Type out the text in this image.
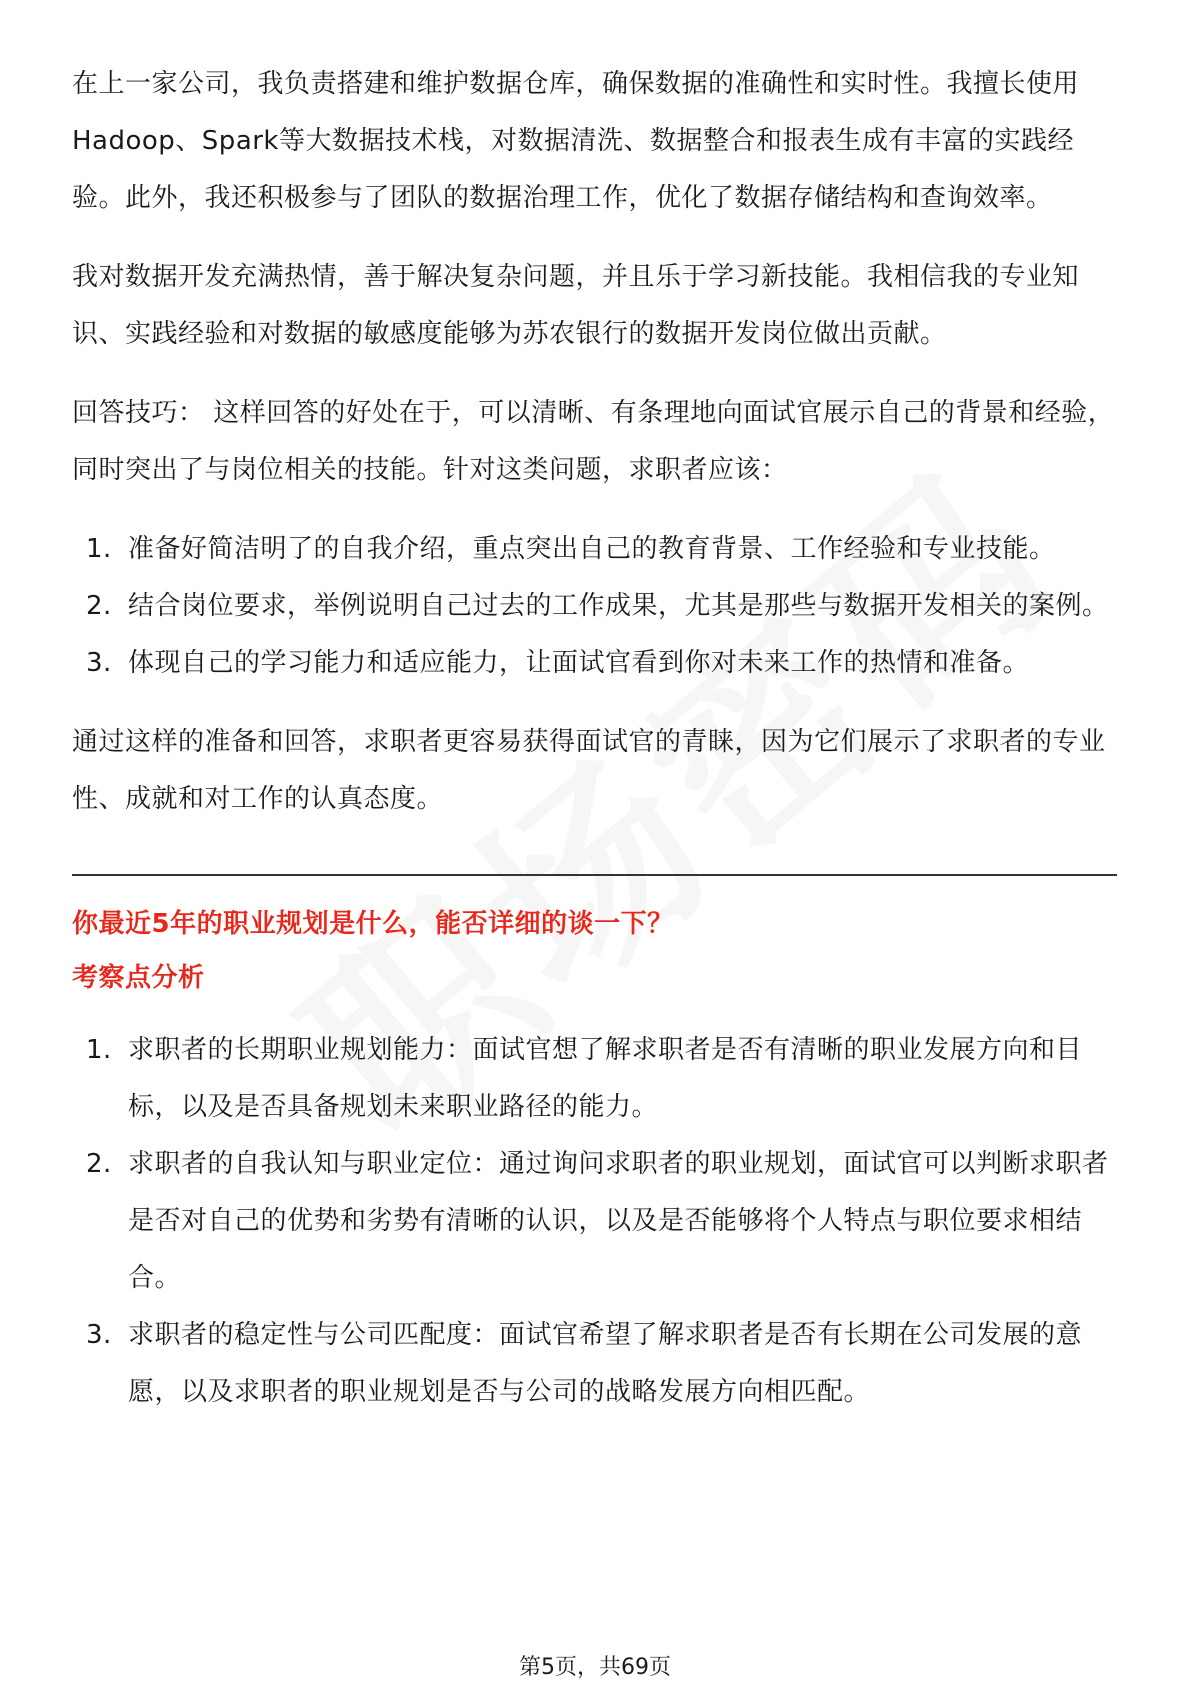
在上一家公司，我负责搭建和维护数据仓库，确保数据的准确性和实时性。我擅长使用Hadoop、Spark等大数据技术栈，对数据清洗、数据整合和报表生成有丰富的实践经验。此外，我还积极参与了团队的数据治理工作，优化了数据存储结构和查询效率。

我对数据开发充满热情，善于解决复杂问题，并且乐于学习新技能。我相信我的专业知识、实践经验和对数据的敏感度能够为苏农银行的数据开发岗位做出贡献。

回答技巧： 这样回答的好处在于，可以清晰、有条理地向面试官展示自己的背景和经验，同时突出了与岗位相关的技能。针对这类问题，求职者应该：

1. 准备好简洁明了的自我介绍，重点突出自己的教育背景、工作经验和专业技能。
2. 结合岗位要求，举例说明自己过去的工作成果，尤其是那些与数据开发相关的案例。
3. 体现自己的学习能力和适应能力，让面试官看到你对未来工作的热情和准备。

通过这样的准备和回答，求职者更容易获得面试官的青睐，因为它们展示了求职者的专业性、成就和对工作的认真态度。

你最近5年的职业规划是什么，能否详细的谈一下？
考察点分析
1. 求职者的长期职业规划能力：面试官想了解求职者是否有清晰的职业发展方向和目标，以及是否具备规划未来职业路径的能力。
2. 求职者的自我认知与职业定位：通过询问求职者的职业规划，面试官可以判断求职者是否对自己的优势和劣势有清晰的认识，以及是否能够将个人特点与职位要求相结合。
3. 求职者的稳定性与公司匹配度：面试官希望了解求职者是否有长期在公司发展的意愿，以及求职者的职业规划是否与公司的战略发展方向相匹配。
第5页，共69页
